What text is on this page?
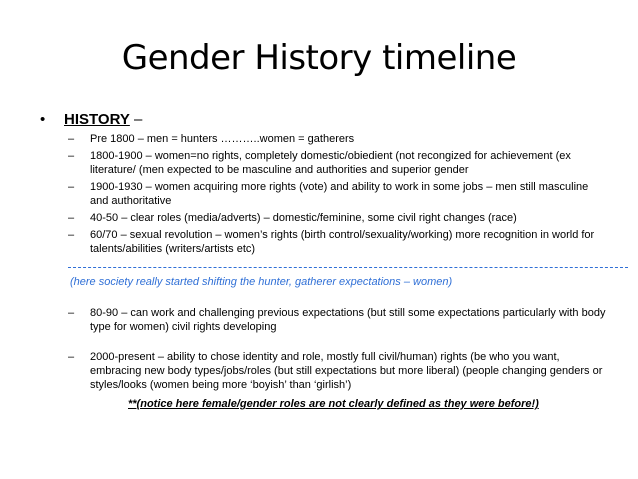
Gender History timeline
• HISTORY –
– Pre 1800 – men = hunters ………..women = gatherers
– 1800-1900 – women=no rights, completely domestic/obiedient (not recongized for achievement (ex literature/ (men expected to be masculine and authorities and superior gender
– 1900-1930 – women acquiring more rights (vote) and ability to work in some jobs – men still masculine and authoritative
– 40-50 – clear roles (media/adverts) – domestic/feminine, some civil right changes (race)
– 60/70 – sexual revolution – women’s rights (birth control/sexuality/working) more recognition in world for talents/abilities (writers/artists etc)
(here society really started shifting the hunter, gatherer expectations – women)
– 80-90 – can work and challenging previous expectations (but still some expectations particularly with body type for women) civil rights developing
– 2000-present – ability to chose identity and role, mostly full civil/human) rights (be who you want, embracing new body types/jobs/roles (but still expectations but more liberal) (people changing genders or styles/looks (women being more ‘boyish’ than ‘girlish’)
**(notice here female/gender roles are not clearly defined as they were before!)
